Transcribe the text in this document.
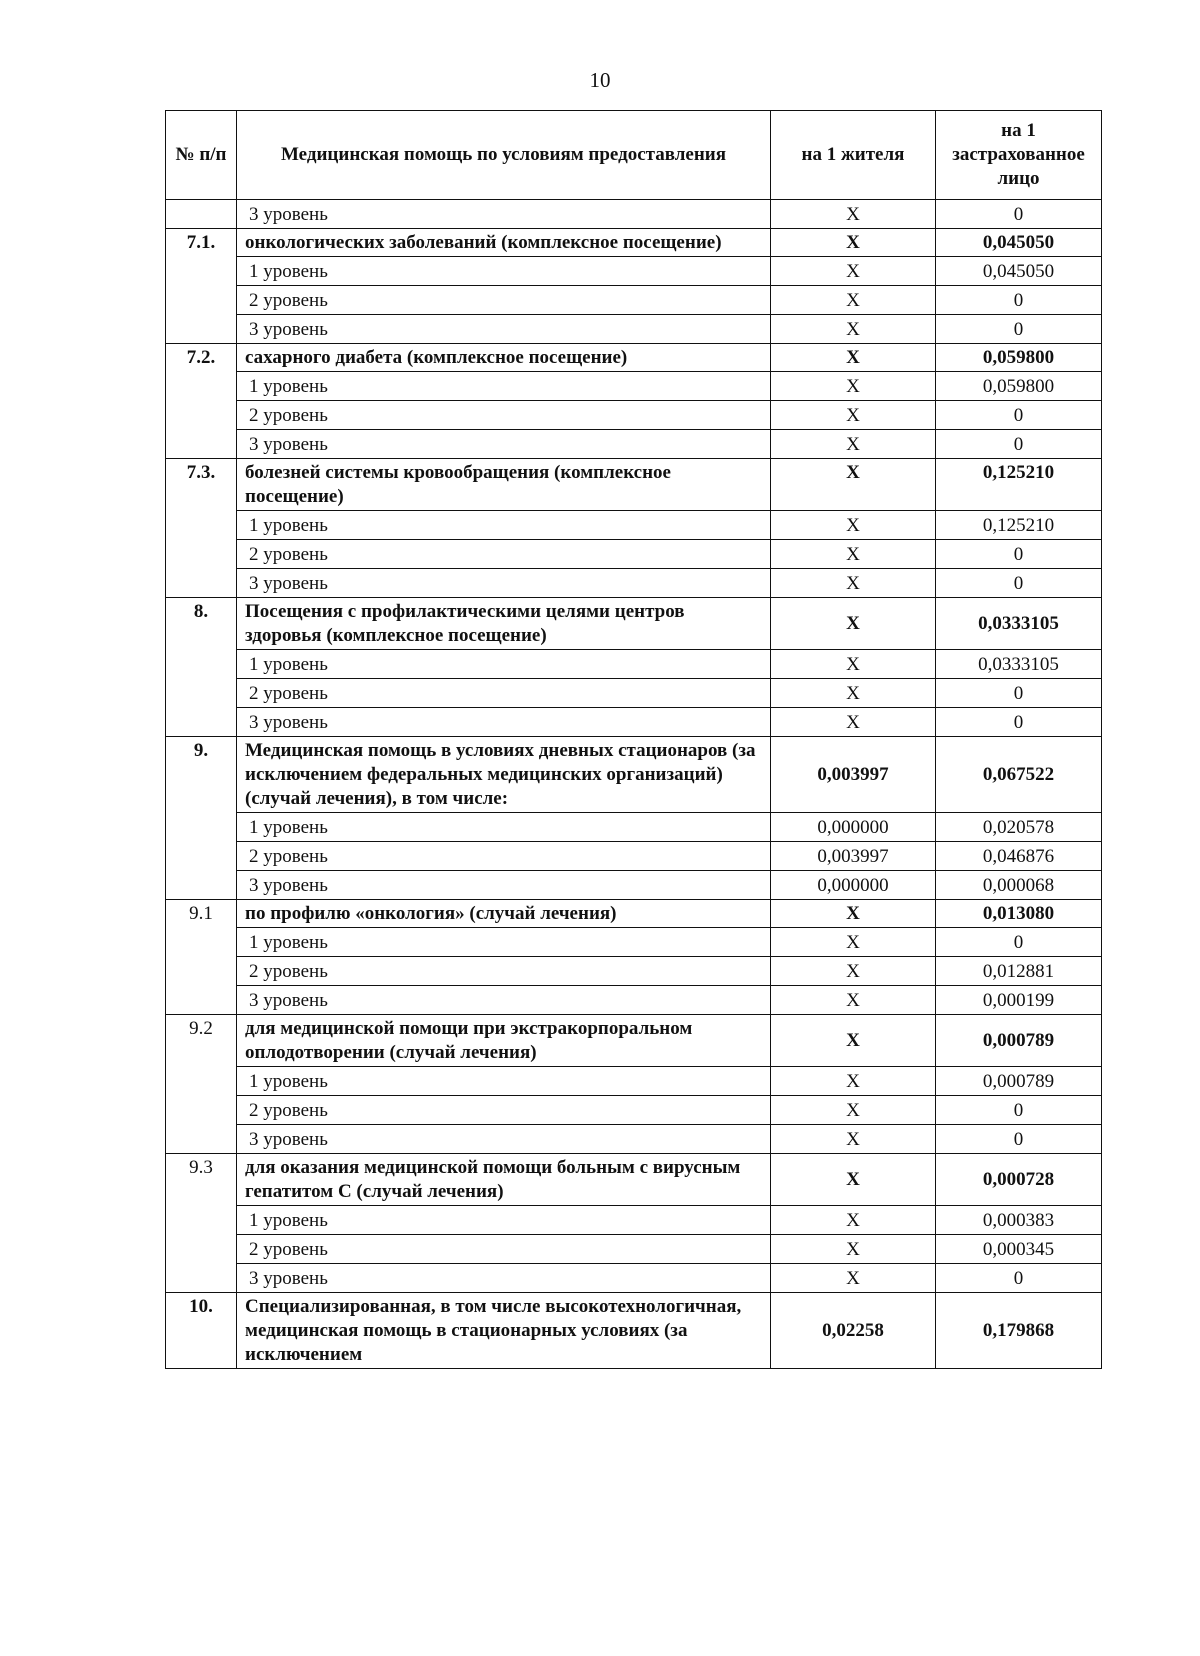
10
№ п/п	Медицинская помощь по условиям предоставления	на 1 жителя	на 1 застрахованное лицо
	3 уровень	Х	0
7.1.	онкологических заболеваний (комплексное посещение)	Х	0,045050
	1 уровень	Х	0,045050
	2 уровень	Х	0
	3 уровень	Х	0
7.2.	сахарного диабета (комплексное посещение)	Х	0,059800
	1 уровень	Х	0,059800
	2 уровень	Х	0
	3 уровень	Х	0
7.3.	болезней системы кровообращения (комплексное посещение)	Х	0,125210
	1 уровень	Х	0,125210
	2 уровень	Х	0
	3 уровень	Х	0
8.	Посещения с профилактическими целями центров здоровья (комплексное посещение)	Х	0,0333105
	1 уровень	Х	0,0333105
	2 уровень	Х	0
	3 уровень	Х	0
9.	Медицинская помощь в условиях дневных стационаров (за исключением федеральных медицинских организаций) (случай лечения), в том числе:	0,003997	0,067522
	1 уровень	0,000000	0,020578
	2 уровень	0,003997	0,046876
	3 уровень	0,000000	0,000068
9.1	по профилю «онкология» (случай лечения)	Х	0,013080
	1 уровень	Х	0
	2 уровень	Х	0,012881
	3 уровень	Х	0,000199
9.2	для медицинской помощи при экстракорпоральном оплодотворении (случай лечения)	Х	0,000789
	1 уровень	Х	0,000789
	2 уровень	Х	0
	3 уровень	Х	0
9.3	для оказания медицинской помощи больным с вирусным гепатитом С (случай лечения)	Х	0,000728
	1 уровень	Х	0,000383
	2 уровень	Х	0,000345
	3 уровень	Х	0
10.	Специализированная, в том числе высокотехнологичная, медицинская помощь в стационарных условиях (за исключением	0,02258	0,179868
